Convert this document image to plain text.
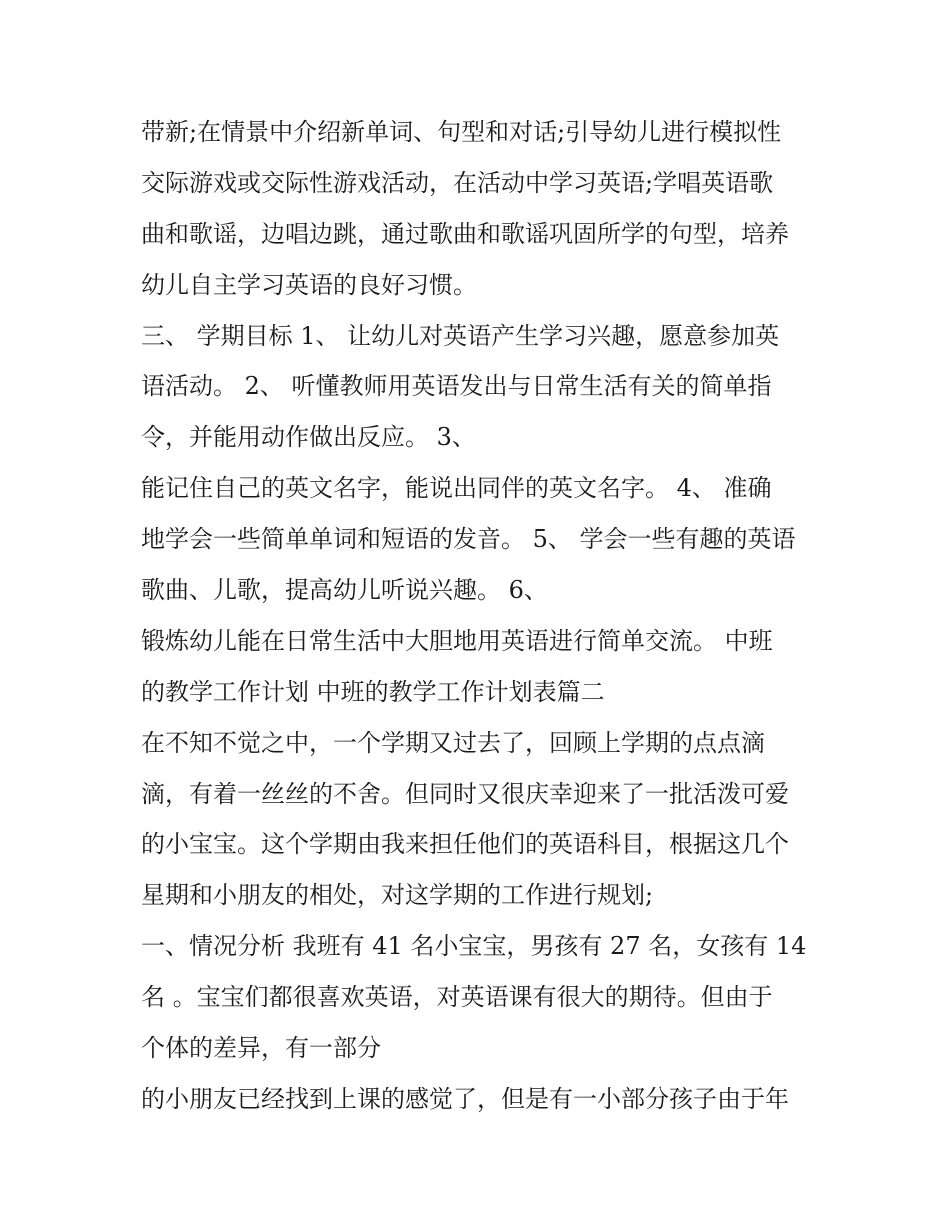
带新;在情景中介绍新单词、句型和对话;引导幼儿进行模拟性
交际游戏或交际性游戏活动，在活动中学习英语;学唱英语歌
曲和歌谣，边唱边跳，通过歌曲和歌谣巩固所学的句型，培养
幼儿自主学习英语的良好习惯。
三、 学期目标 1、 让幼儿对英语产生学习兴趣，愿意参加英
语活动。 2、 听懂教师用英语发出与日常生活有关的简单指
令，并能用动作做出反应。 3、
能记住自己的英文名字，能说出同伴的英文名字。 4、 准确
地学会一些简单单词和短语的发音。 5、 学会一些有趣的英语
歌曲、儿歌，提高幼儿听说兴趣。 6、
锻炼幼儿能在日常生活中大胆地用英语进行简单交流。 中班
的教学工作计划 中班的教学工作计划表篇二
在不知不觉之中，一个学期又过去了，回顾上学期的点点滴
滴，有着一丝丝的不舍。但同时又很庆幸迎来了一批活泼可爱
的小宝宝。这个学期由我来担任他们的英语科目，根据这几个
星期和小朋友的相处，对这学期的工作进行规划;
一、情况分析 我班有 41 名小宝宝，男孩有 27 名，女孩有 14
名 。宝宝们都很喜欢英语，对英语课有很大的期待。但由于
个体的差异，有一部分
的小朋友已经找到上课的感觉了，但是有一小部分孩子由于年
